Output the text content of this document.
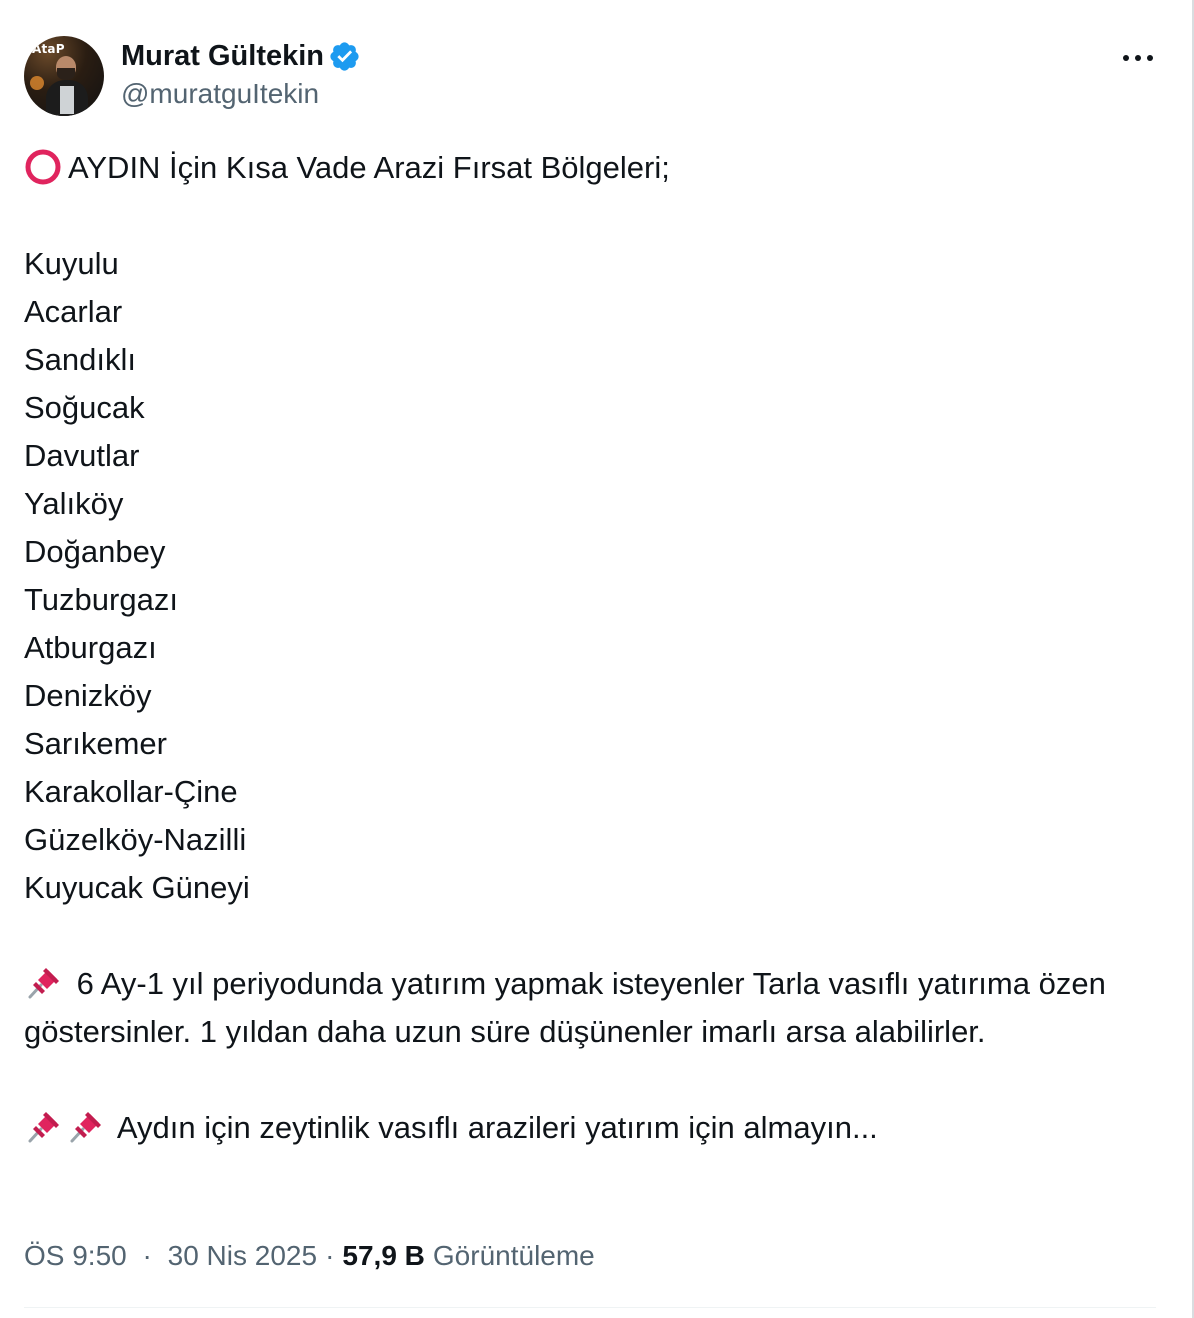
AtaP Murat Gültekin
@muratguItekin
AYDIN İçin Kısa Vade Arazi Fırsat Bölgeleri;
Kuyulu
Acarlar
Sandıklı
Soğucak
Davutlar
Yalıköy
Doğanbey
Tuzburgazı
Atburgazı
Denizköy
Sarıkemer
Karakollar-Çine
Güzelköy-Nazilli
Kuyucak Güneyi
6 Ay-1 yıl periyodunda yatırım yapmak isteyenler Tarla vasıflı yatırıma özen göstersinler. 1 yıldan daha uzun süre düşünenler imarlı arsa alabilirler.
Aydın için zeytinlik vasıflı arazileri yatırım için almayın...
ÖS 9:50 · 30 Nis 2025 · 57,9 B Görüntüleme
